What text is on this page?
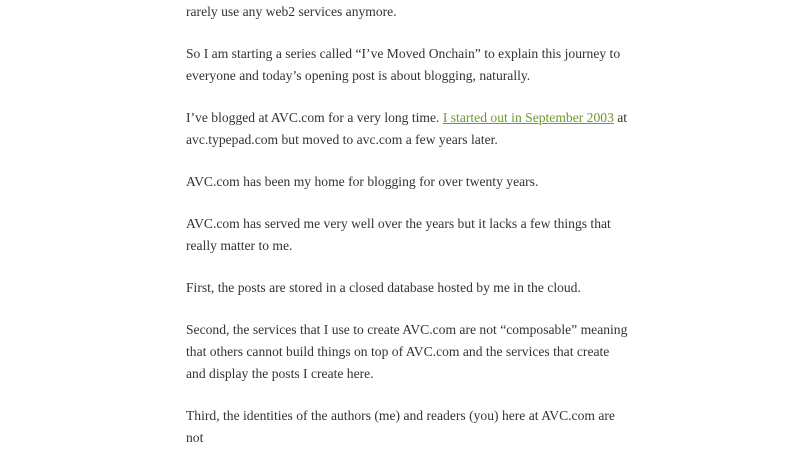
rarely use any web2 services anymore.

So I am starting a series called “I’ve Moved Onchain” to explain this journey to everyone and today’s opening post is about blogging, naturally.

I’ve blogged at AVC.com for a very long time. I started out in September 2003 at avc.typepad.com but moved to avc.com a few years later.

AVC.com has been my home for blogging for over twenty years.

AVC.com has served me very well over the years but it lacks a few things that really matter to me.

First, the posts are stored in a closed database hosted by me in the cloud.

Second, the services that I use to create AVC.com are not “composable” meaning that others cannot build things on top of AVC.com and the services that create and display the posts I create here.

Third, the identities of the authors (me) and readers (you) here at AVC.com are not
